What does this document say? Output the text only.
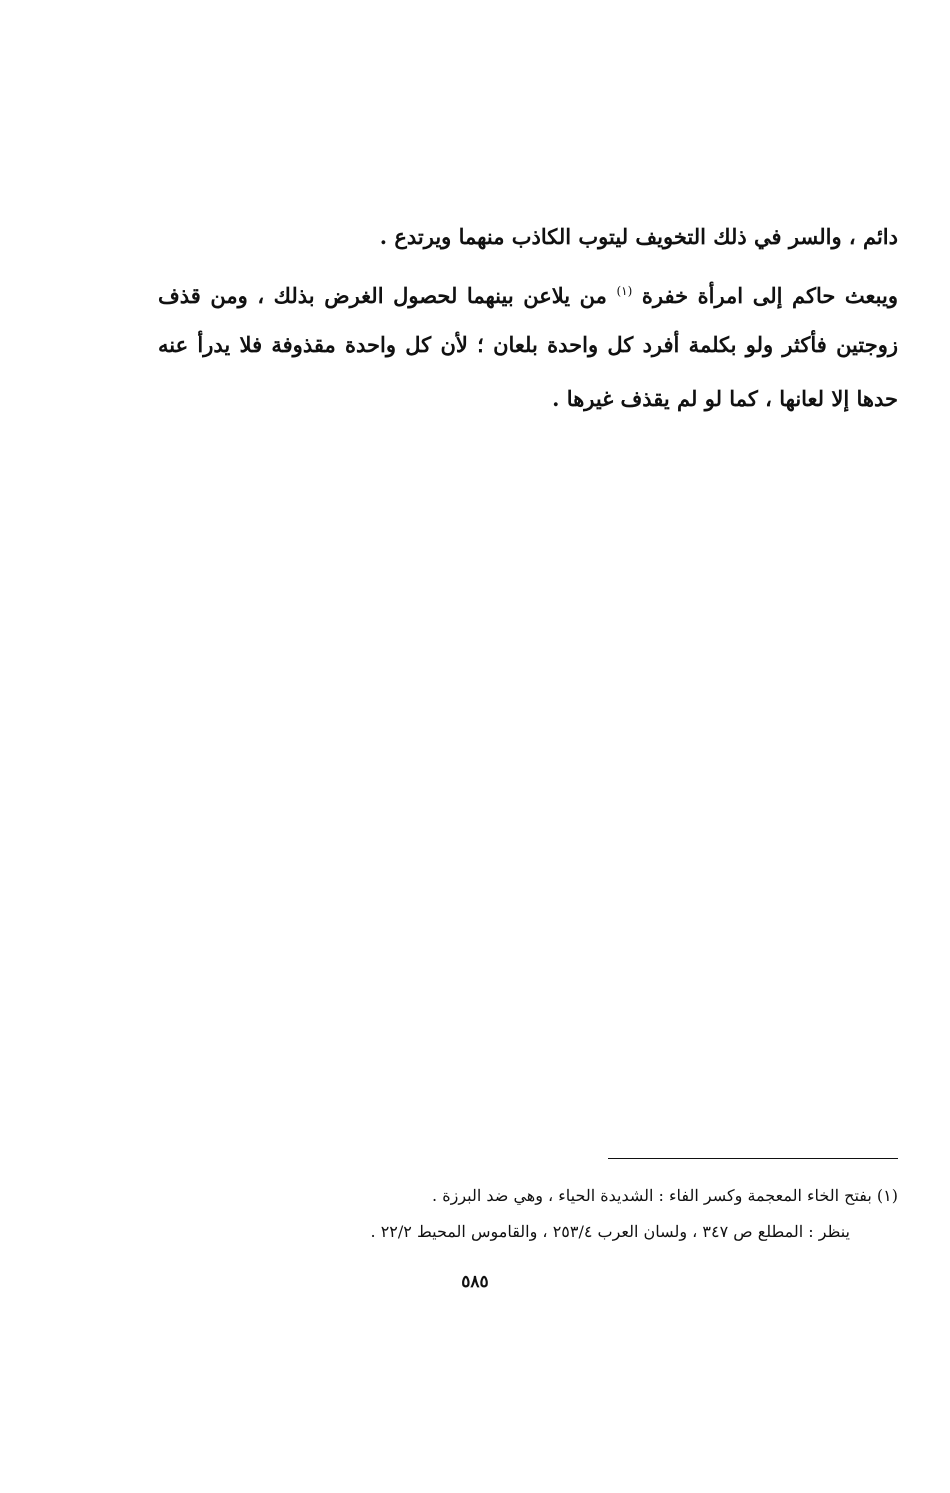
دائم ، والسر في ذلك التخويف ليتوب الكاذب منهما ويرتدع .
ويبعث حاكم إلى امرأة خفرة $^{(١)}$ من يلاعن بينهما لحصول الغرض بذلك ، ومن قذف
زوجتين فأكثر ولو بكلمة أفرد كل واحدة بلعان ؛ لأن كل واحدة مقذوفة فلا يدرأ عنه
حدها إلا لعانها ، كما لو لم يقذف غيرها .
(١) بفتح الخاء المعجمة وكسر الفاء : الشديدة الحياء ، وهي ضد البرزة .
ينظر : المطلع ص ٣٤٧ ، ولسان العرب ٢٥٣/٤ ، والقاموس المحيط ٢٢/٢ .
٥٨٥
